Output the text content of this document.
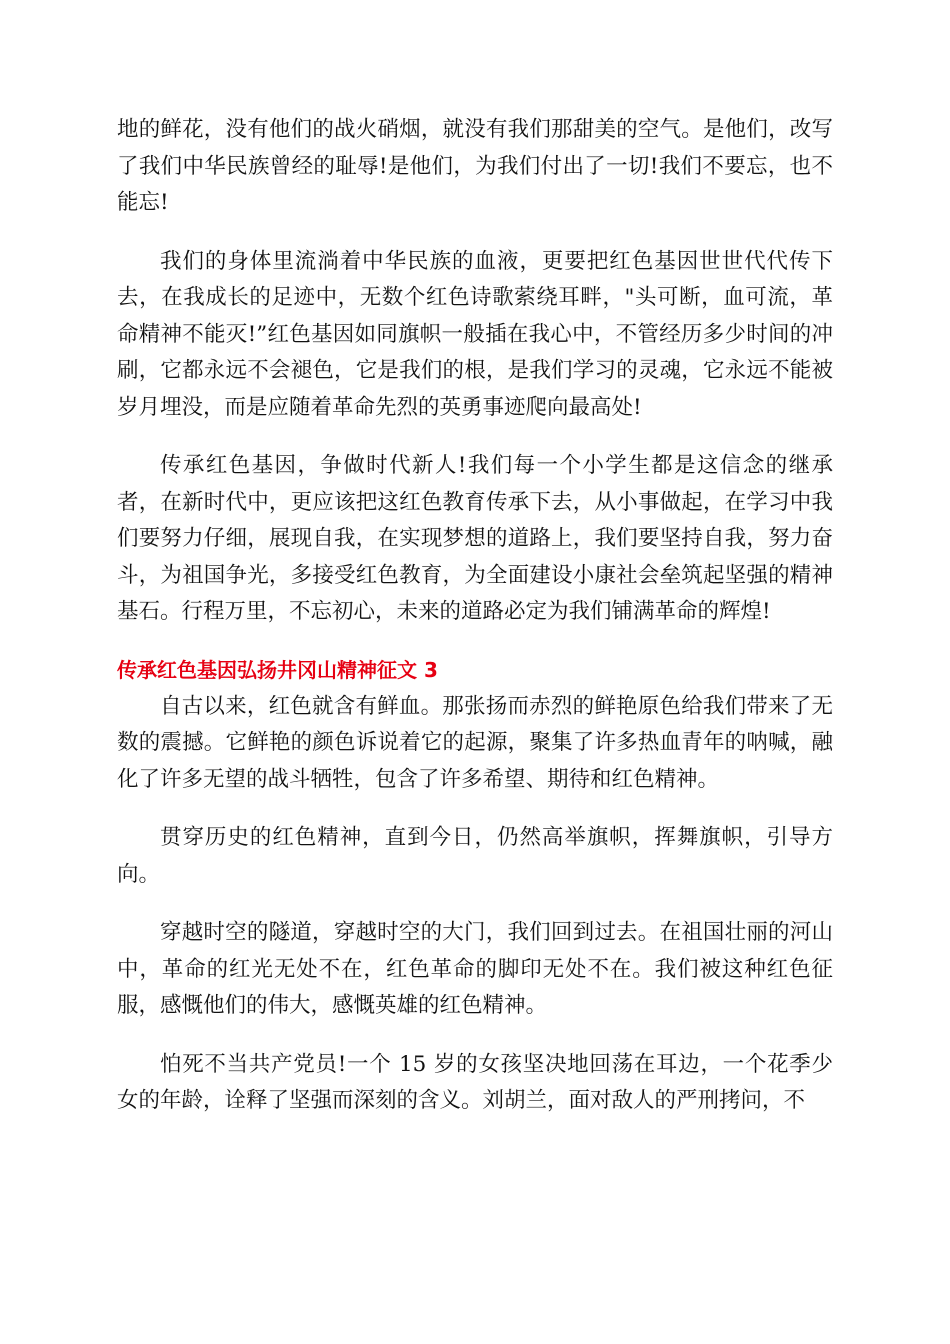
地的鲜花，没有他们的战火硝烟，就没有我们那甜美的空气。是他们，改写了我们中华民族曾经的耻辱!是他们，为我们付出了一切!我们不要忘，也不能忘!

我们的身体里流淌着中华民族的血液，更要把红色基因世世代代传下去，在我成长的足迹中，无数个红色诗歌萦绕耳畔，"头可断，血可流，革命精神不能灭!”红色基因如同旗帜一般插在我心中，不管经历多少时间的冲刷，它都永远不会褪色，它是我们的根，是我们学习的灵魂，它永远不能被岁月埋没，而是应随着革命先烈的英勇事迹爬向最高处!

传承红色基因，争做时代新人!我们每一个小学生都是这信念的继承者，在新时代中，更应该把这红色教育传承下去，从小事做起，在学习中我们要努力仔细，展现自我，在实现梦想的道路上，我们要坚持自我，努力奋斗，为祖国争光，多接受红色教育，为全面建设小康社会垒筑起坚强的精神基石。行程万里，不忘初心，未来的道路必定为我们铺满革命的辉煌!

传承红色基因弘扬井冈山精神征文 3

自古以来，红色就含有鲜血。那张扬而赤烈的鲜艳原色给我们带来了无数的震撼。它鲜艳的颜色诉说着它的起源，聚集了许多热血青年的呐喊，融化了许多无望的战斗牺牲，包含了许多希望、期待和红色精神。

贯穿历史的红色精神，直到今日，仍然高举旗帜，挥舞旗帜，引导方向。

穿越时空的隧道，穿越时空的大门，我们回到过去。在祖国壮丽的河山中，革命的红光无处不在，红色革命的脚印无处不在。我们被这种红色征服，感慨他们的伟大，感慨英雄的红色精神。

怕死不当共产党员!一个 15 岁的女孩坚决地回荡在耳边，一个花季少女的年龄，诠释了坚强而深刻的含义。刘胡兰，面对敌人的严刑拷问，不
